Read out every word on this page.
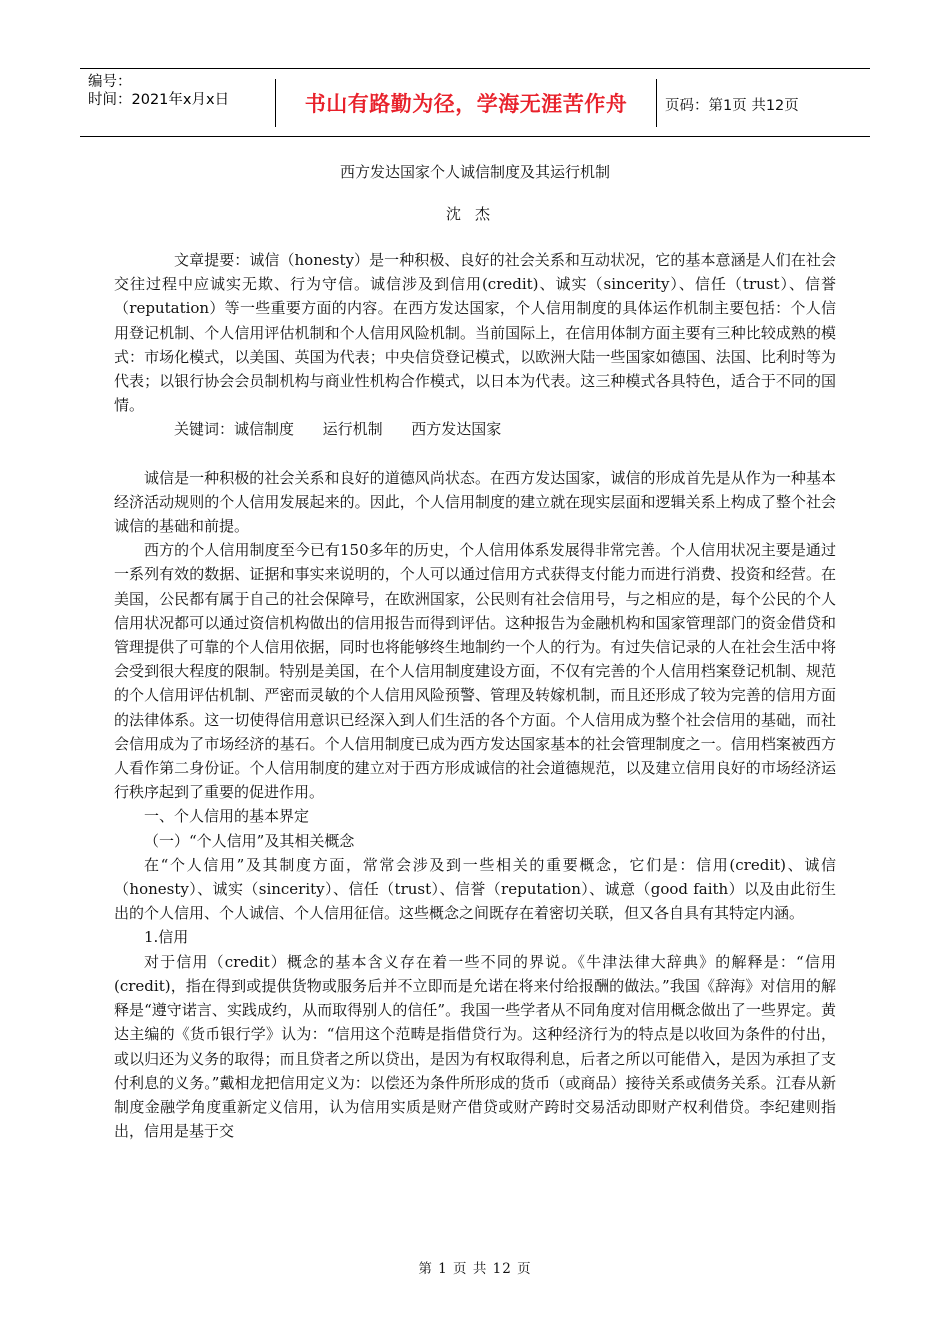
编号：
时间：2021年x月x日	书山有路勤为径，学海无涯苦作舟	页码：第1页 共12页

西方发达国家个人诚信制度及其运行机制

沈杰

文章提要：诚信（honesty）是一种积极、良好的社会关系和互动状况，它的基本意涵是人们在社会交往过程中应诚实无欺、行为守信。诚信涉及到信用(credit)、诚实（sincerity）、信任（trust）、信誉（reputation）等一些重要方面的内容。在西方发达国家，个人信用制度的具体运作机制主要包括：个人信用登记机制、个人信用评估机制和个人信用风险机制。当前国际上，在信用体制方面主要有三种比较成熟的模式：市场化模式，以美国、英国为代表；中央信贷登记模式，以欧洲大陆一些国家如德国、法国、比利时等为代表；以银行协会会员制机构与商业性机构合作模式，以日本为代表。这三种模式各具特色，适合于不同的国情。

关键词：诚信制度      运行机制      西方发达国家

诚信是一种积极的社会关系和良好的道德风尚状态。在西方发达国家，诚信的形成首先是从作为一种基本经济活动规则的个人信用发展起来的。因此，个人信用制度的建立就在现实层面和逻辑关系上构成了整个社会诚信的基础和前提。

西方的个人信用制度至今已有150多年的历史，个人信用体系发展得非常完善。个人信用状况主要是通过一系列有效的数据、证据和事实来说明的，个人可以通过信用方式获得支付能力而进行消费、投资和经营。在美国，公民都有属于自己的社会保障号，在欧洲国家，公民则有社会信用号，与之相应的是，每个公民的个人信用状况都可以通过资信机构做出的信用报告而得到评估。这种报告为金融机构和国家管理部门的资金借贷和管理提供了可靠的个人信用依据，同时也将能够终生地制约一个人的行为。有过失信记录的人在社会生活中将会受到很大程度的限制。特别是美国，在个人信用制度建设方面，不仅有完善的个人信用档案登记机制、规范的个人信用评估机制、严密而灵敏的个人信用风险预警、管理及转嫁机制，而且还形成了较为完善的信用方面的法律体系。这一切使得信用意识已经深入到人们生活的各个方面。个人信用成为整个社会信用的基础，而社会信用成为了市场经济的基石。个人信用制度已成为西方发达国家基本的社会管理制度之一。信用档案被西方人看作第二身份证。个人信用制度的建立对于西方形成诚信的社会道德规范，以及建立信用良好的市场经济运行秩序起到了重要的促进作用。

一、个人信用的基本界定

（一）“个人信用”及其相关概念

在“个人信用”及其制度方面，常常会涉及到一些相关的重要概念，它们是：信用(credit)、诚信（honesty）、诚实（sincerity）、信任（trust）、信誉（reputation）、诚意（good faith）以及由此衍生出的个人信用、个人诚信、个人信用征信。这些概念之间既存在着密切关联，但又各自具有其特定内涵。

1.信用

对于信用（credit）概念的基本含义存在着一些不同的界说。《牛津法律大辞典》的解释是：“信用(credit)，指在得到或提供货物或服务后并不立即而是允诺在将来付给报酬的做法。”我国《辞海》对信用的解释是“遵守诺言、实践成约，从而取得别人的信任”。我国一些学者从不同角度对信用概念做出了一些界定。黄达主编的《货币银行学》认为：“信用这个范畴是指借贷行为。这种经济行为的特点是以收回为条件的付出，或以归还为义务的取得；而且贷者之所以贷出，是因为有权取得利息，后者之所以可能借入，是因为承担了支付利息的义务。”戴相龙把信用定义为：以偿还为条件所形成的货币（或商品）接待关系或债务关系。江春从新制度金融学角度重新定义信用，认为信用实质是财产借贷或财产跨时交易活动即财产权利借贷。李纪建则指出，信用是基于交

第 1 页 共 12 页
